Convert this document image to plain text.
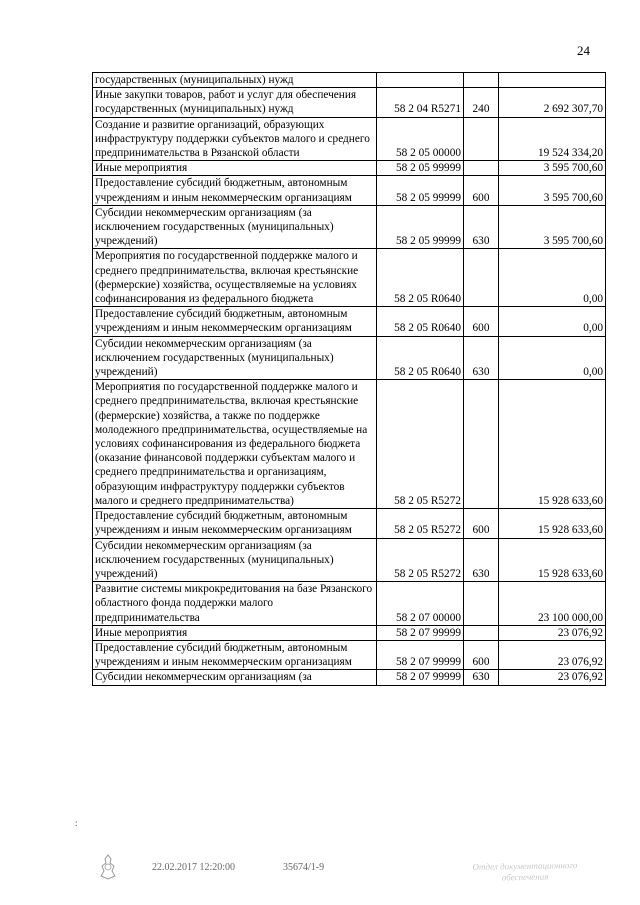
24
государственных (муниципальных) нужд			
Иные закупки товаров, работ и услуг для обеспечения государственных (муниципальных) нужд	58 2 04 R5271	240	2 692 307,70
Создание и развитие организаций, образующих инфраструктуру поддержки субъектов малого и среднего предпринимательства в Рязанской области	58 2 05 00000		19 524 334,20
Иные мероприятия	58 2 05 99999		3 595 700,60
Предоставление субсидий бюджетным, автономным учреждениям и иным некоммерческим организациям	58 2 05 99999	600	3 595 700,60
Субсидии некоммерческим организациям (за исключением государственных (муниципальных) учреждений)	58 2 05 99999	630	3 595 700,60
Мероприятия по государственной поддержке малого и среднего предпринимательства, включая крестьянские (фермерские) хозяйства, осуществляемые на условиях софинансирования из федерального бюджета	58 2 05 R0640		0,00
Предоставление субсидий бюджетным, автономным учреждениям и иным некоммерческим организациям	58 2 05 R0640	600	0,00
Субсидии некоммерческим организациям (за исключением государственных (муниципальных) учреждений)	58 2 05 R0640	630	0,00
Мероприятия по государственной поддержке малого и среднего предпринимательства, включая крестьянские (фермерские) хозяйства, а также по поддержке молодежного предпринимательства, осуществляемые на условиях софинансирования из федерального бюджета (оказание финансовой поддержки субъектам малого и среднего предпринимательства и организациям, образующим инфраструктуру поддержки субъектов малого и среднего предпринимательства)	58 2 05 R5272		15 928 633,60
Предоставление субсидий бюджетным, автономным учреждениям и иным некоммерческим организациям	58 2 05 R5272	600	15 928 633,60
Субсидии некоммерческим организациям (за исключением государственных (муниципальных) учреждений)	58 2 05 R5272	630	15 928 633,60
Развитие системы микрокредитования на базе Рязанского областного фонда поддержки малого предпринимательства	58 2 07 00000		23 100 000,00
Иные мероприятия	58 2 07 99999		23 076,92
Предоставление субсидий бюджетным, автономным учреждениям и иным некоммерческим организациям	58 2 07 99999	600	23 076,92
Субсидии некоммерческим организациям (за	58 2 07 99999	630	23 076,92
:
22.02.2017 12:20:00	35674/1-9	Отдел документационного обеспечения
